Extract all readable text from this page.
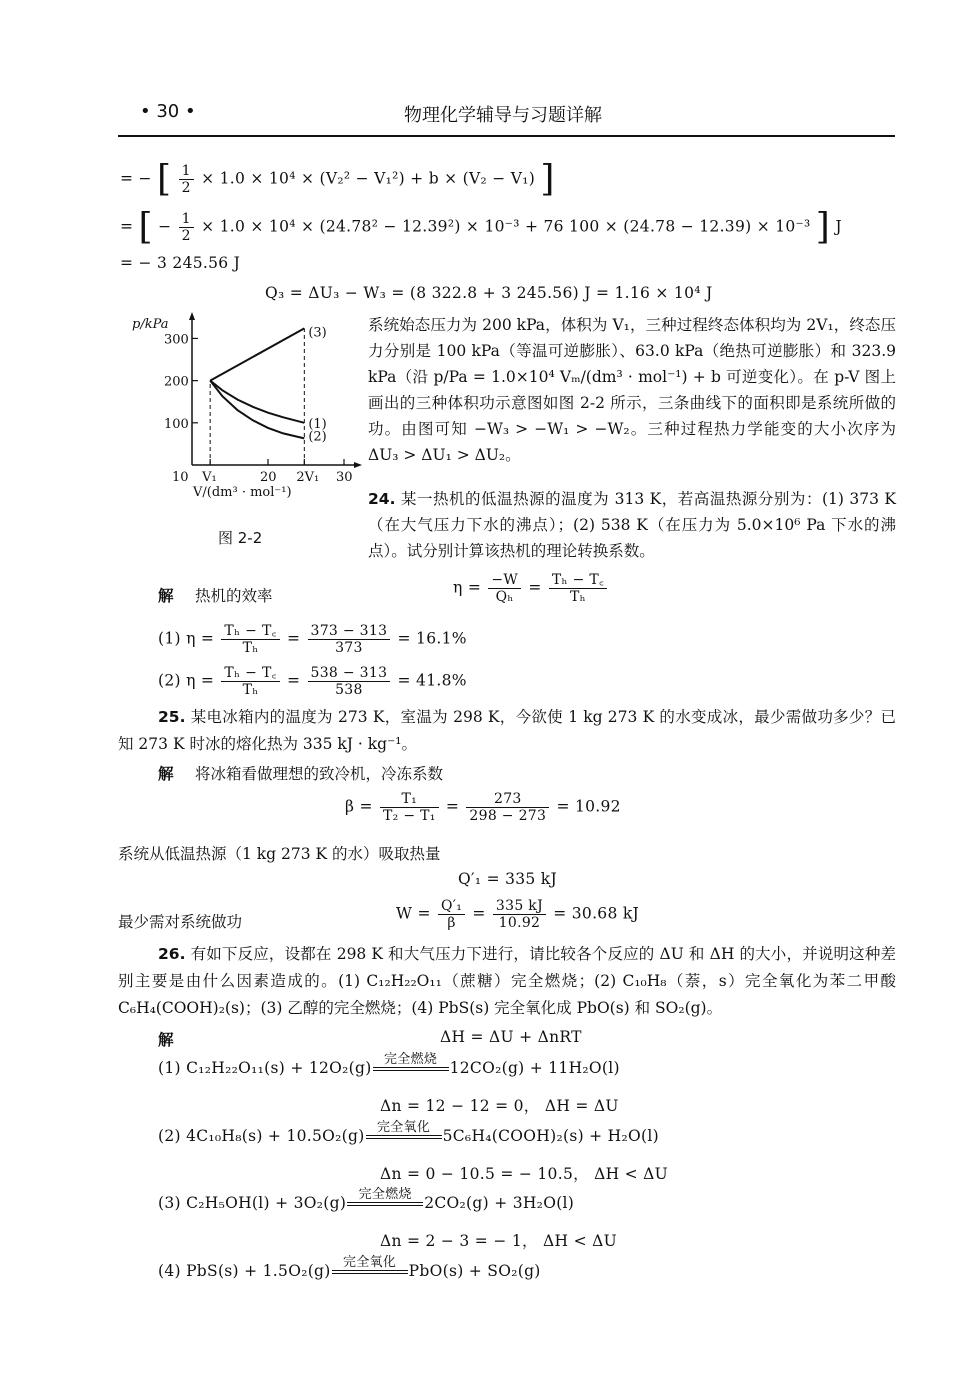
• 30 •	物理化学辅导与习题详解
= − [ $\frac{1}{2} \times 1.0 \times 10^4 \times (V_2^2 - V_1^2) + b \times (V_2 - V_1)$ ]
= [ − $\frac{1}{2} \times 1.0 \times 10^4 \times (24.78^2 - 12.39^2) \times 10^{-3} + 76$ 100 × (24.78 − 12.39) × 10⁻³ ] J
= − 3 245.56 J
Q₃ = ΔU₃ − W₃ = (8 322.8 + 3 245.56) J = 1.16 × 10⁴ J
p/kPa
300
200
100
10 V₁	20 2V₁ 30
(3)
(1)
(2)
V/(dm³ · mol⁻¹)
图 2-2
系统始态压力为 200 kPa，体积为 V₁，三种过程终态体积均为 2V₁，终态压力分别是 100 kPa（等温可逆膨胀）、63.0 kPa（绝热可逆膨胀）和 323.9 kPa（沿 p/Pa = 1.0×10⁴ Vₘ/(dm³ · mol⁻¹) + b 可逆变化）。在 p-V 图上画出的三种体积功示意图如图 2-2 所示，三条曲线下的面积即是系统所做的功。由图可知 −W₃ > −W₁ > −W₂。三种过程热力学能变的大小次序为 ΔU₃ > ΔU₁ > ΔU₂。
24. 某一热机的低温热源的温度为 313 K，若高温热源分别为：(1) 373 K（在大气压力下水的沸点）；(2) 538 K（在压力为 5.0×10⁶ Pa 下水的沸点）。试分别计算该热机的理论转换系数。
解 热机的效率	$\eta = \frac{-W}{\text{Qₕ}} = \frac{\text{Tₕ − T꜀}}{\text{Tₕ}}$
(1) $\eta = \frac{\text{Tₕ − T꜀}}{\text{Tₕ}} = \frac{373 - 313}{373} = 16.1\%$
(2) $\eta = \frac{\text{Tₕ − T꜀}}{\text{Tₕ}} = \frac{538 - 313}{538} = 41.8\%$
25. 某电冰箱内的温度为 273 K，室温为 298 K，今欲使 1 kg 273 K 的水变成冰，最少需做功多少？已知 273 K 时冰的熔化热为 335 kJ · kg⁻¹。
解 将冰箱看做理想的致冷机，冷冻系数
$\beta = \frac{\text{T₁}}{\text{T₂ − T₁}} = \frac{273}{298 - 273} = 10.92$
系统从低温热源（1 kg 273 K 的水）吸取热量
Q′₁ = 335 kJ
最少需对系统做功	$W = \frac{\text{Q′₁}}{\beta} = \frac{335 kJ}{10.92} = 30.68$ kJ
26. 有如下反应，设都在 298 K 和大气压力下进行，请比较各个反应的 ΔU 和 ΔH 的大小，并说明这种差别主要是由什么因素造成的。(1) C₁₂H₂₂O₁₁（蔗糖）完全燃烧；(2) C₁₀H₈（萘，s）完全氧化为苯二甲酸 C₆H₄(COOH)₂(s)；(3) 乙醇的完全燃烧；(4) PbS(s) 完全氧化成 PbO(s) 和 SO₂(g)。
解	ΔH = ΔU + ΔnRT
(1) C₁₂H₂₂O₁₁(s) + 12O₂(g) 完全燃烧 12CO₂(g) + 11H₂O(l)
Δn = 12 − 12 = 0， ΔH = ΔU
(2) 4C₁₀H₈(s) + 10.5O₂(g) 完全氧化 5C₆H₄(COOH)₂(s) + H₂O(l)
Δn = 0 − 10.5 = − 10.5， ΔH < ΔU
(3) C₂H₅OH(l) + 3O₂(g) 完全燃烧 2CO₂(g) + 3H₂O(l)
Δn = 2 − 3 = − 1， ΔH < ΔU
(4) PbS(s) + 1.5O₂(g) 完全氧化 PbO(s) + SO₂(g)
